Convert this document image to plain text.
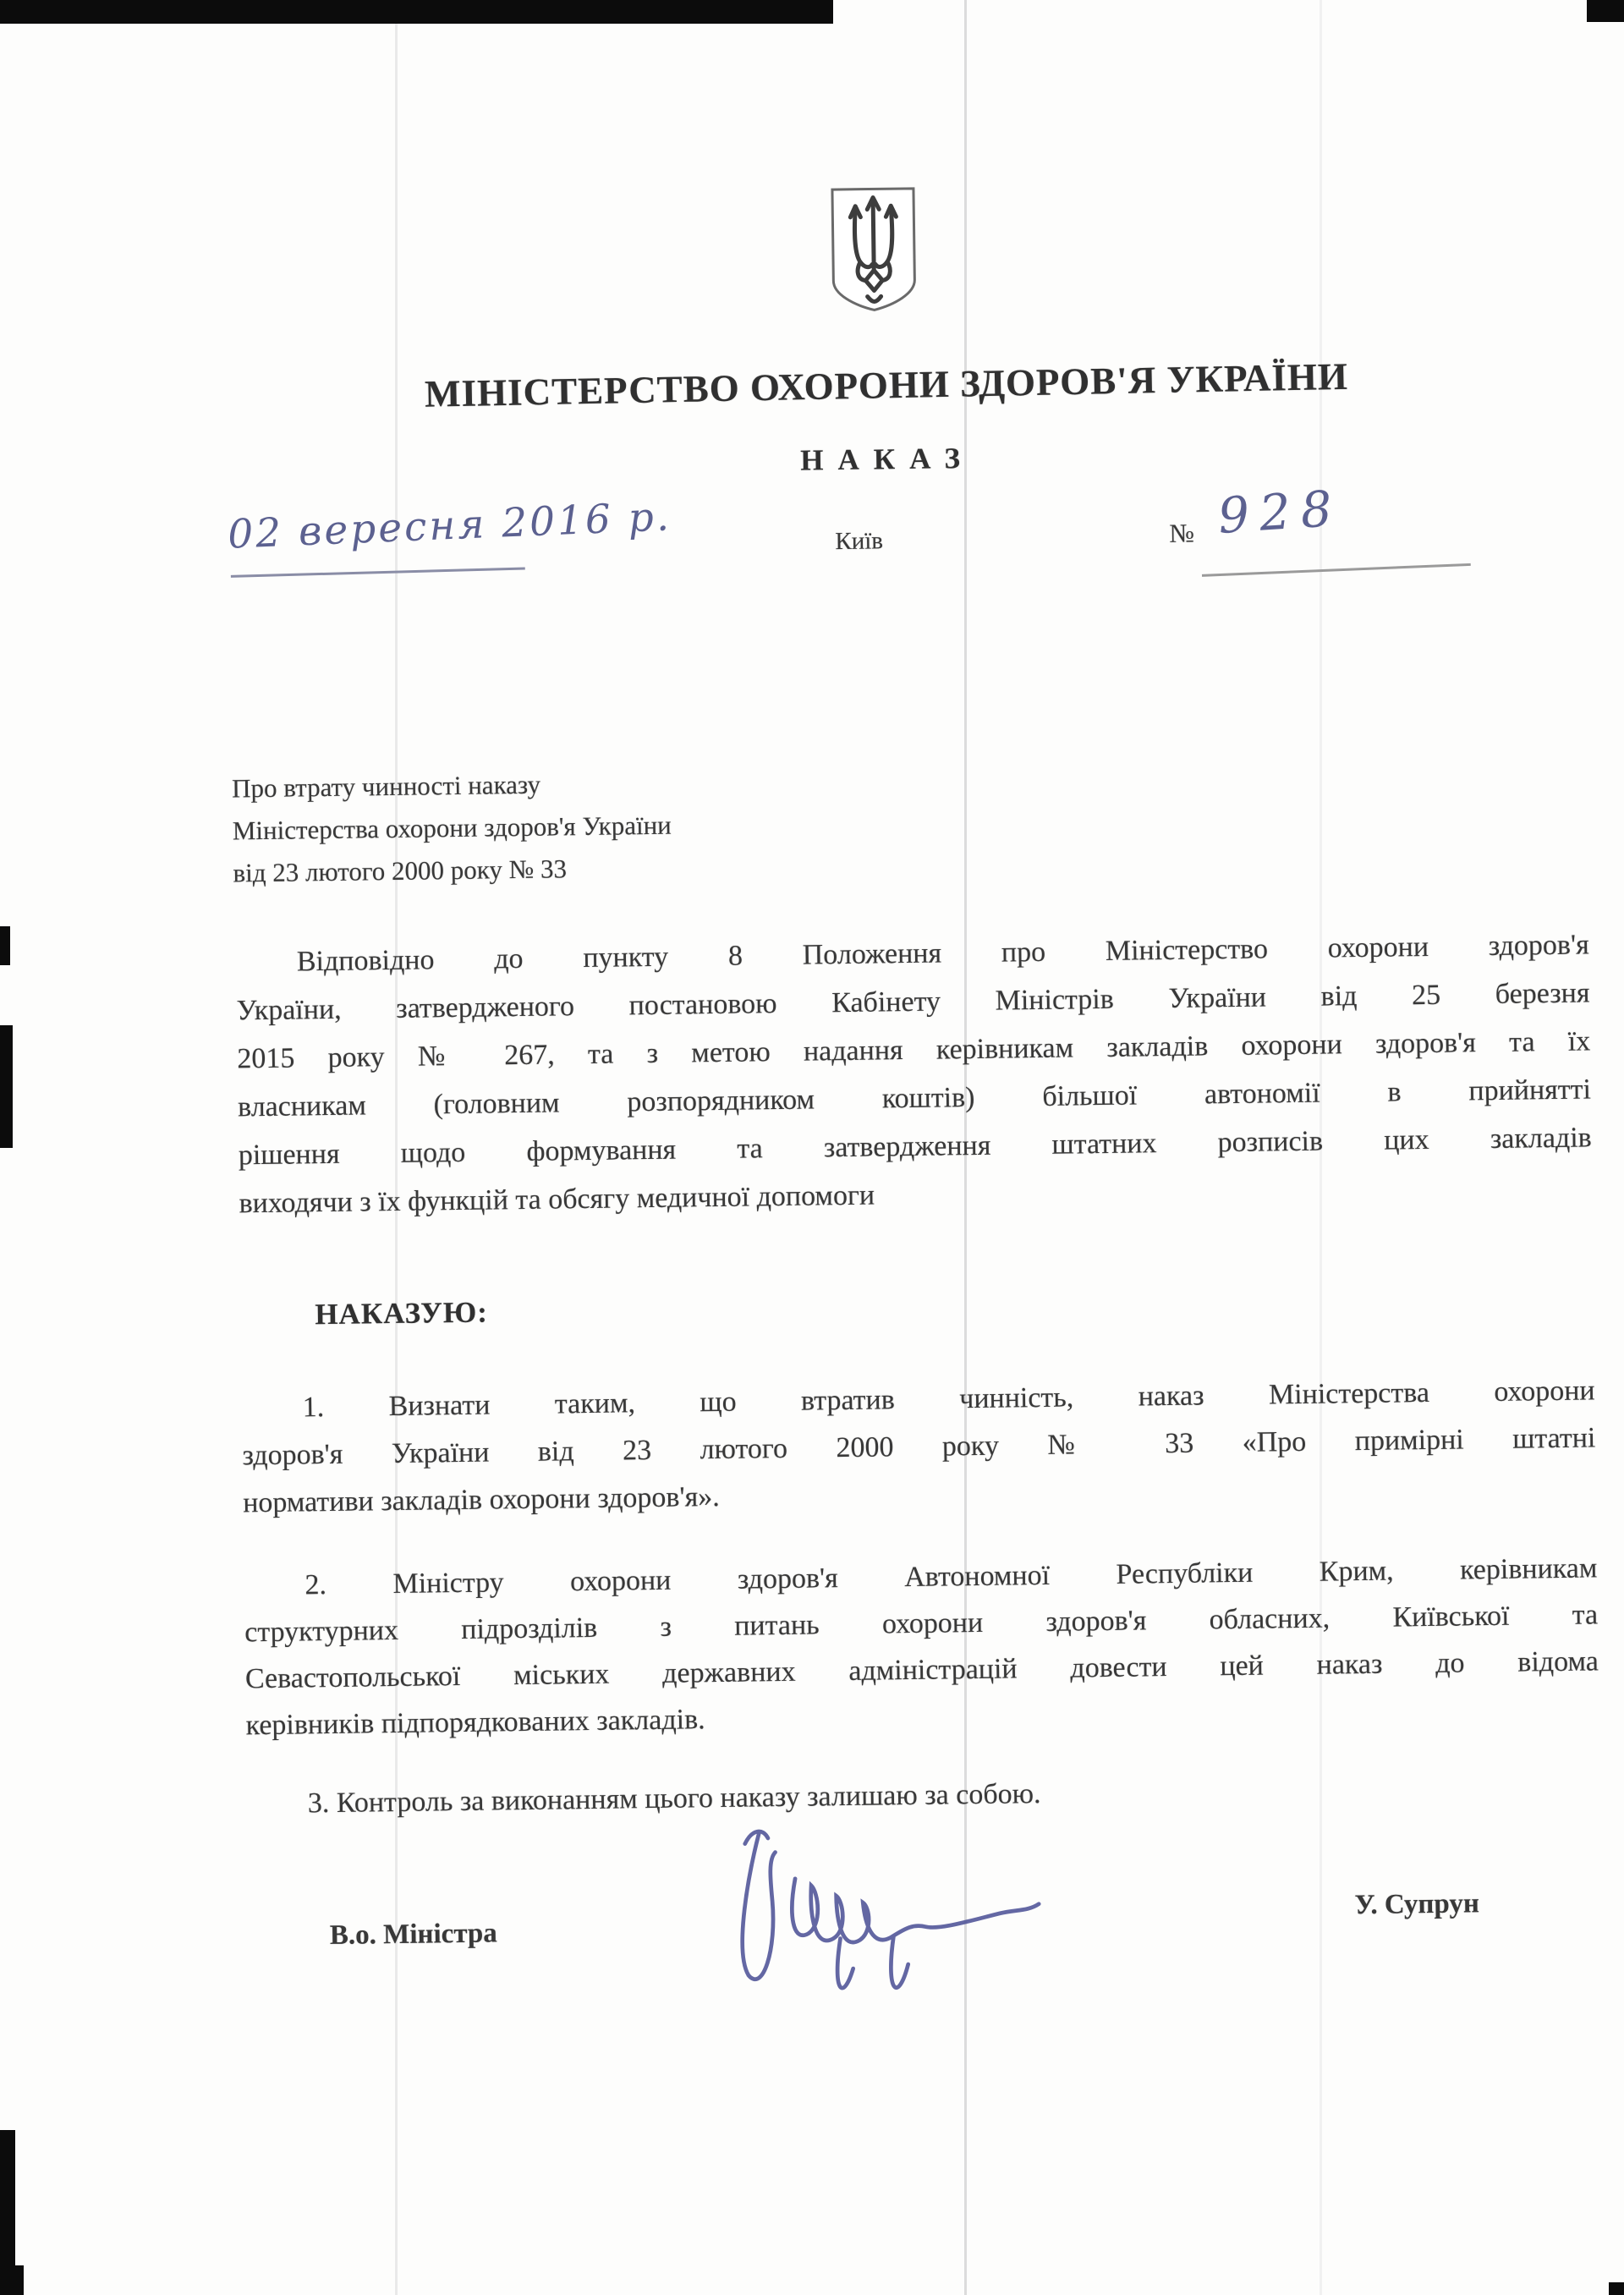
МІНІСТЕРСТВО ОХОРОНИ ЗДОРОВ'Я УКРАЇНИ
НАКАЗ
02 вересня 2016 р.	Київ	№ 928
Про втрату чинності наказу
Міністерства охорони здоров'я України
від 23 лютого 2000 року № 33
Відповідно до пункту 8 Положення про Міністерство охорони здоров'я
України, затвердженого постановою Кабінету Міністрів України від 25 березня
2015 року № 267, та з метою надання керівникам закладів охорони здоров'я та їх
власникам (головним розпорядником коштів) більшої автономії в прийнятті
рішення щодо формування та затвердження штатних розписів цих закладів
виходячи з їх функцій та обсягу медичної допомоги
НАКАЗУЮ:
1. Визнати таким, що втратив чинність, наказ Міністерства охорони
здоров'я України від 23 лютого 2000 року № 33 «Про примірні штатні
нормативи закладів охорони здоров'я».
2. Міністру охорони здоров'я Автономної Республіки Крим, керівникам
структурних підрозділів з питань охорони здоров'я обласних, Київської та
Севастопольської міських державних адміністрацій довести цей наказ до відома
керівників підпорядкованих закладів.
3. Контроль за виконанням цього наказу залишаю за собою.
В.о. Міністра
У. Супрун
